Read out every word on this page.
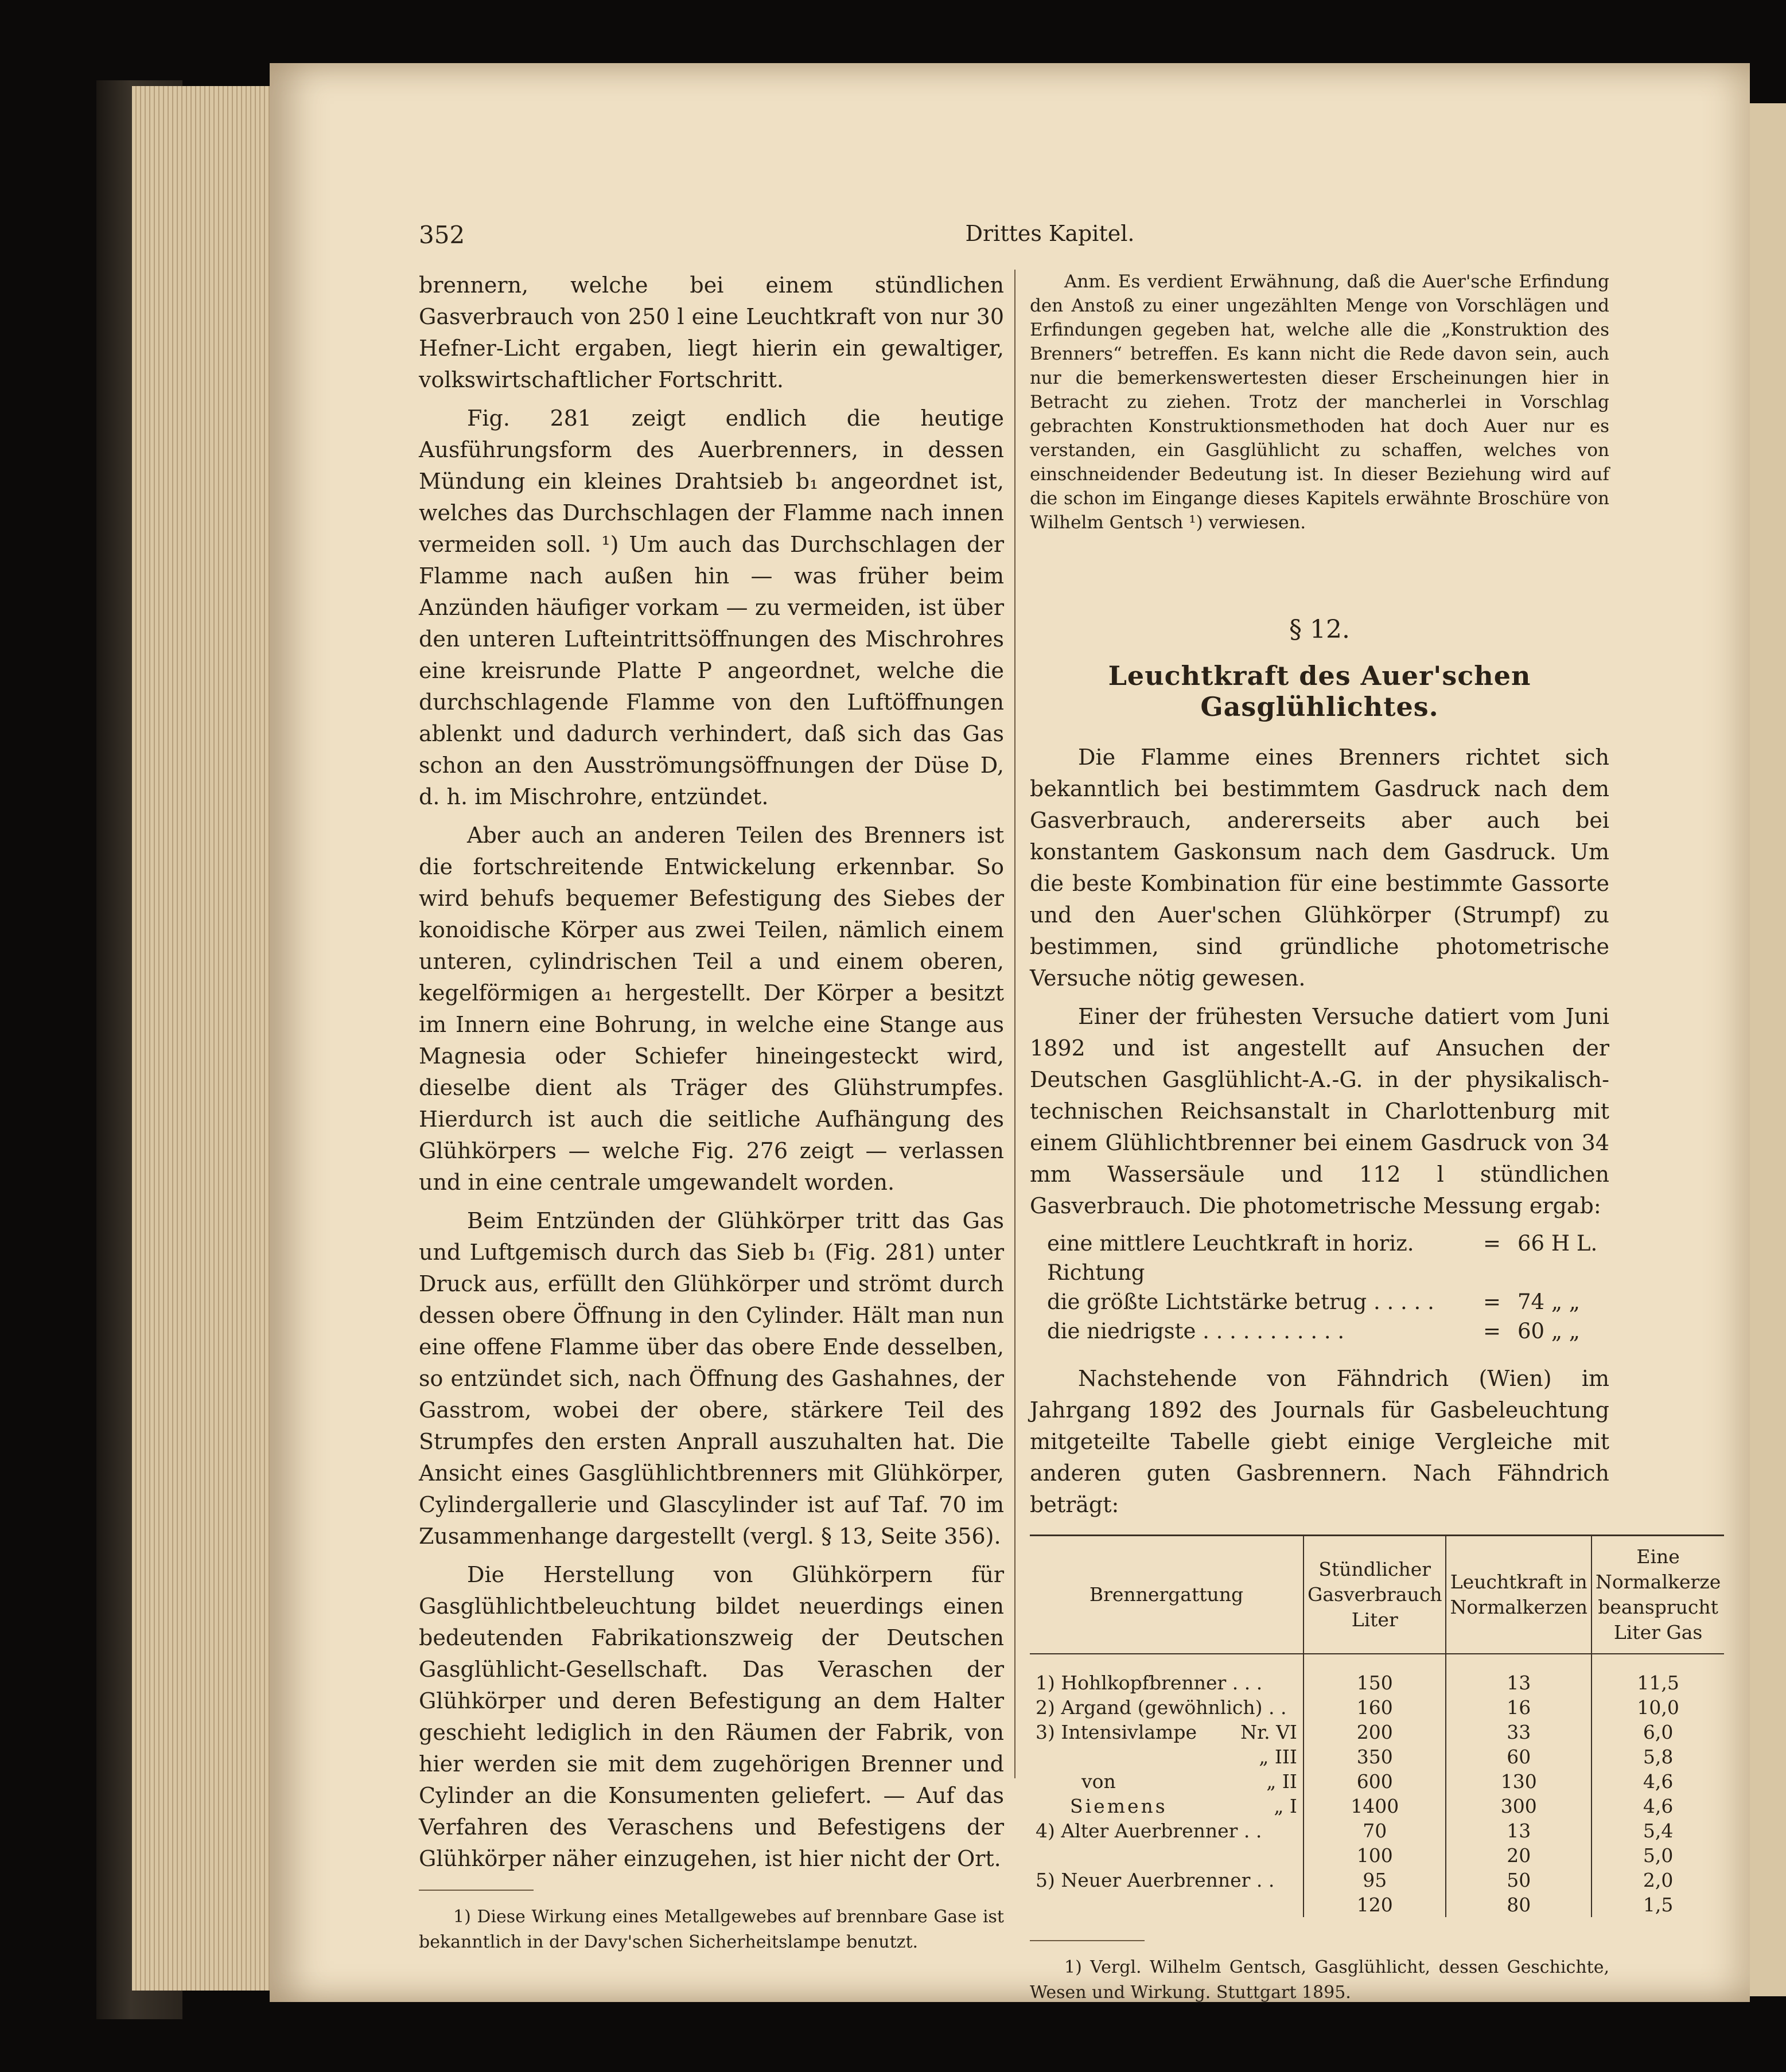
352	Drittes Kapitel.

brennern, welche bei einem stündlichen Gasverbrauch von 250 l eine Leuchtkraft von nur 30 Hefner-Licht ergaben, liegt hierin ein gewaltiger, volkswirtschaftlicher Fortschritt.

Fig. 281 zeigt endlich die heutige Ausführungsform des Auerbrenners, in dessen Mündung ein kleines Drahtsieb b₁ angeordnet ist, welches das Durchschlagen der Flamme nach innen vermeiden soll. ¹) Um auch das Durchschlagen der Flamme nach außen hin — was früher beim Anzünden häufiger vorkam — zu vermeiden, ist über den unteren Lufteintrittsöffnungen des Mischrohres eine kreisrunde Platte P angeordnet, welche die durchschlagende Flamme von den Luftöffnungen ablenkt und dadurch verhindert, daß sich das Gas schon an den Ausströmungsöffnungen der Düse D, d. h. im Mischrohre, entzündet.

Aber auch an anderen Teilen des Brenners ist die fortschreitende Entwickelung erkennbar. So wird behufs bequemer Befestigung des Siebes der konoidische Körper aus zwei Teilen, nämlich einem unteren, cylindrischen Teil a und einem oberen, kegelförmigen a₁ hergestellt. Der Körper a besitzt im Innern eine Bohrung, in welche eine Stange aus Magnesia oder Schiefer hineingesteckt wird, dieselbe dient als Träger des Glühstrumpfes. Hierdurch ist auch die seitliche Aufhängung des Glühkörpers — welche Fig. 276 zeigt — verlassen und in eine centrale umgewandelt worden.

Beim Entzünden der Glühkörper tritt das Gas und Luftgemisch durch das Sieb b₁ (Fig. 281) unter Druck aus, erfüllt den Glühkörper und strömt durch dessen obere Öffnung in den Cylinder. Hält man nun eine offene Flamme über das obere Ende desselben, so entzündet sich, nach Öffnung des Gashahnes, der Gasstrom, wobei der obere, stärkere Teil des Strumpfes den ersten Anprall auszuhalten hat. Die Ansicht eines Gasglühlichtbrenners mit Glühkörper, Cylindergallerie und Glascylinder ist auf Taf. 70 im Zusammenhange dargestellt (vergl. § 13, Seite 356).

Die Herstellung von Glühkörpern für Gasglühlichtbeleuchtung bildet neuerdings einen bedeutenden Fabrikationszweig der Deutschen Gasglühlicht-Gesellschaft. Das Veraschen der Glühkörper und deren Befestigung an dem Halter geschieht lediglich in den Räumen der Fabrik, von hier werden sie mit dem zugehörigen Brenner und Cylinder an die Konsumenten geliefert. — Auf das Verfahren des Veraschens und Befestigens der Glühkörper näher einzugehen, ist hier nicht der Ort.

1) Diese Wirkung eines Metallgewebes auf brennbare Gase ist bekanntlich in der Davy'schen Sicherheitslampe benutzt.

Anm. Es verdient Erwähnung, daß die Auer'sche Erfindung den Anstoß zu einer ungezählten Menge von Vorschlägen und Erfindungen gegeben hat, welche alle die „Konstruktion des Brenners“ betreffen. Es kann nicht die Rede davon sein, auch nur die bemerkenswertesten dieser Erscheinungen hier in Betracht zu ziehen. Trotz der mancherlei in Vorschlag gebrachten Konstruktionsmethoden hat doch Auer nur es verstanden, ein Gasglühlicht zu schaffen, welches von einschneidender Bedeutung ist. In dieser Beziehung wird auf die schon im Eingange dieses Kapitels erwähnte Broschüre von Wilhelm Gentsch ¹) verwiesen.

§ 12.
Leuchtkraft des Auer'schen Gasglühlichtes.

Die Flamme eines Brenners richtet sich bekanntlich bei bestimmtem Gasdruck nach dem Gasverbrauch, andererseits aber auch bei konstantem Gaskonsum nach dem Gasdruck. Um die beste Kombination für eine bestimmte Gassorte und den Auer'schen Glühkörper (Strumpf) zu bestimmen, sind gründliche photometrische Versuche nötig gewesen.

Einer der frühesten Versuche datiert vom Juni 1892 und ist angestellt auf Ansuchen der Deutschen Gasglühlicht-A.-G. in der physikalisch-technischen Reichsanstalt in Charlottenburg mit einem Glühlichtbrenner bei einem Gasdruck von 34 mm Wassersäule und 112 l stündlichen Gasverbrauch. Die photometrische Messung ergab:

eine mittlere Leuchtkraft in horiz. Richtung
= 66 H L.
die größte Lichtstärke betrug . . . . .	= 74 „ „
die niedrigste . . . . . . . . . . .	= 60 „ „

Nachstehende von Fähndrich (Wien) im Jahrgang 1892 des Journals für Gasbeleuchtung mitgeteilte Tabelle giebt einige Vergleiche mit anderen guten Gasbrennern. Nach Fähndrich beträgt:

Brennergattung	Stündlicher Gasverbrauch Liter	Leuchtkraft in Normalkerzen	Eine Normalkerze beansprucht Liter Gas
1) Hohlkopfbrenner . . .	150	13	11,5
2) Argand (gewöhnlich) . .	160	16	10,0
3) Intensivlampe Nr. VI	200	33	6,0

„ III	350	60	5,8
von „ II	600	130	4,6
Siemens „ I	1400	300	4,6
4) Alter Auerbrenner . .	70	13	5,4
	100	20	5,0
5) Neuer Auerbrenner . .	95	50	2,0
	120	80	1,5

1) Vergl. Wilhelm Gentsch, Gasglühlicht, dessen Geschichte, Wesen und Wirkung. Stuttgart 1895.
